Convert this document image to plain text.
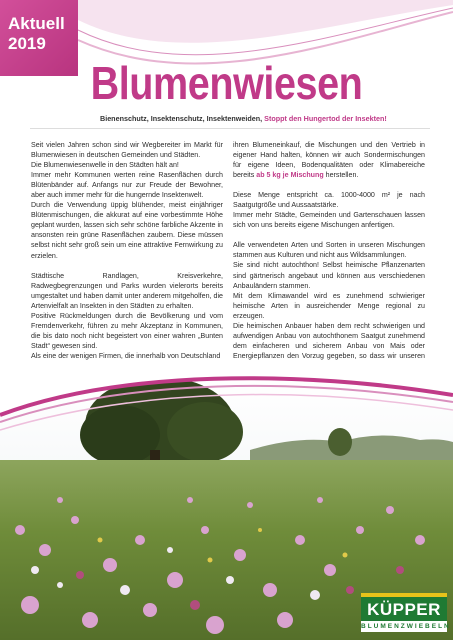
Aktuell
2019
Blumenwiesen
Bienenschutz, Insektenschutz, Insektenweiden, Stoppt den Hungertod der Insekten!

Seit vielen Jahren schon sind wir Wegbereiter im Markt für Blumenwiesen in deutschen Gemeinden und Städten.

Die Blumenwiesenwelle in den Städten hält an!

Immer mehr Kommunen werten reine Rasenflächen durch Blütenbänder auf. Anfangs nur zur Freude der Bewohner, aber auch immer mehr für die hungernde Insektenwelt.

Durch die Verwendung üppig blühender, meist einjähriger Blütenmischungen, die akkurat auf eine vorbestimmte Höhe geplant wurden, lassen sich sehr schöne farbliche Akzente in ansonsten rein grüne Rasenflächen zaubern. Diese müssen selbst nicht sehr groß sein um eine attraktive Fernwirkung zu erzielen.

Städtische Randlagen, Kreisverkehre, Radwegbegrenzungen und Parks wurden vielerorts bereits umgestaltet und haben damit unter anderem mitgeholfen, die Artenvielfalt an Insekten in den Städten zu erhalten.

Positive Rückmeldungen durch die Bevölkerung und vom Fremdenverkehr, führen zu mehr Akzeptanz in Kommunen, die bis dato noch nicht begeistert von einer wahren „Bunten Stadt“ gewesen sind.

Als eine der wenigen Firmen, die innerhalb von Deutschland

ihren Blumeneinkauf, die Mischungen und den Vertrieb in eigener Hand halten, können wir auch Sondermischungen für eigene Ideen, Bodenqualitäten oder Klimabereiche bereits ab 5 kg je Mischung herstellen.

Diese Menge entspricht ca. 1000-4000 m² je nach Saatgutgröße und Aussaatstärke.

Immer mehr Städte, Gemeinden und Gartenschauen lassen sich von uns bereits eigene Mischungen anfertigen.

Alle verwendeten Arten und Sorten in unseren Mischungen stammen aus Kulturen und nicht aus Wildsammlungen.

Sie sind nicht autochthon! Selbst heimische Pflanzenarten sind gärtnerisch angebaut und können aus verschiedenen Anbauländern stammen.

Mit dem Klimawandel wird es zunehmend schwieriger heimische Arten in ausreichender Menge regional zu erzeugen.

Die heimischen Anbauer haben dem recht schwierigen und aufwendigen Anbau von autochthonem Saatgut zunehmend dem einfacheren und sicherem Anbau von Mais oder Energiepflanzen den Vorzug gegeben, so dass wir unseren

KÜPPER
BLUMENZWIEBELN
